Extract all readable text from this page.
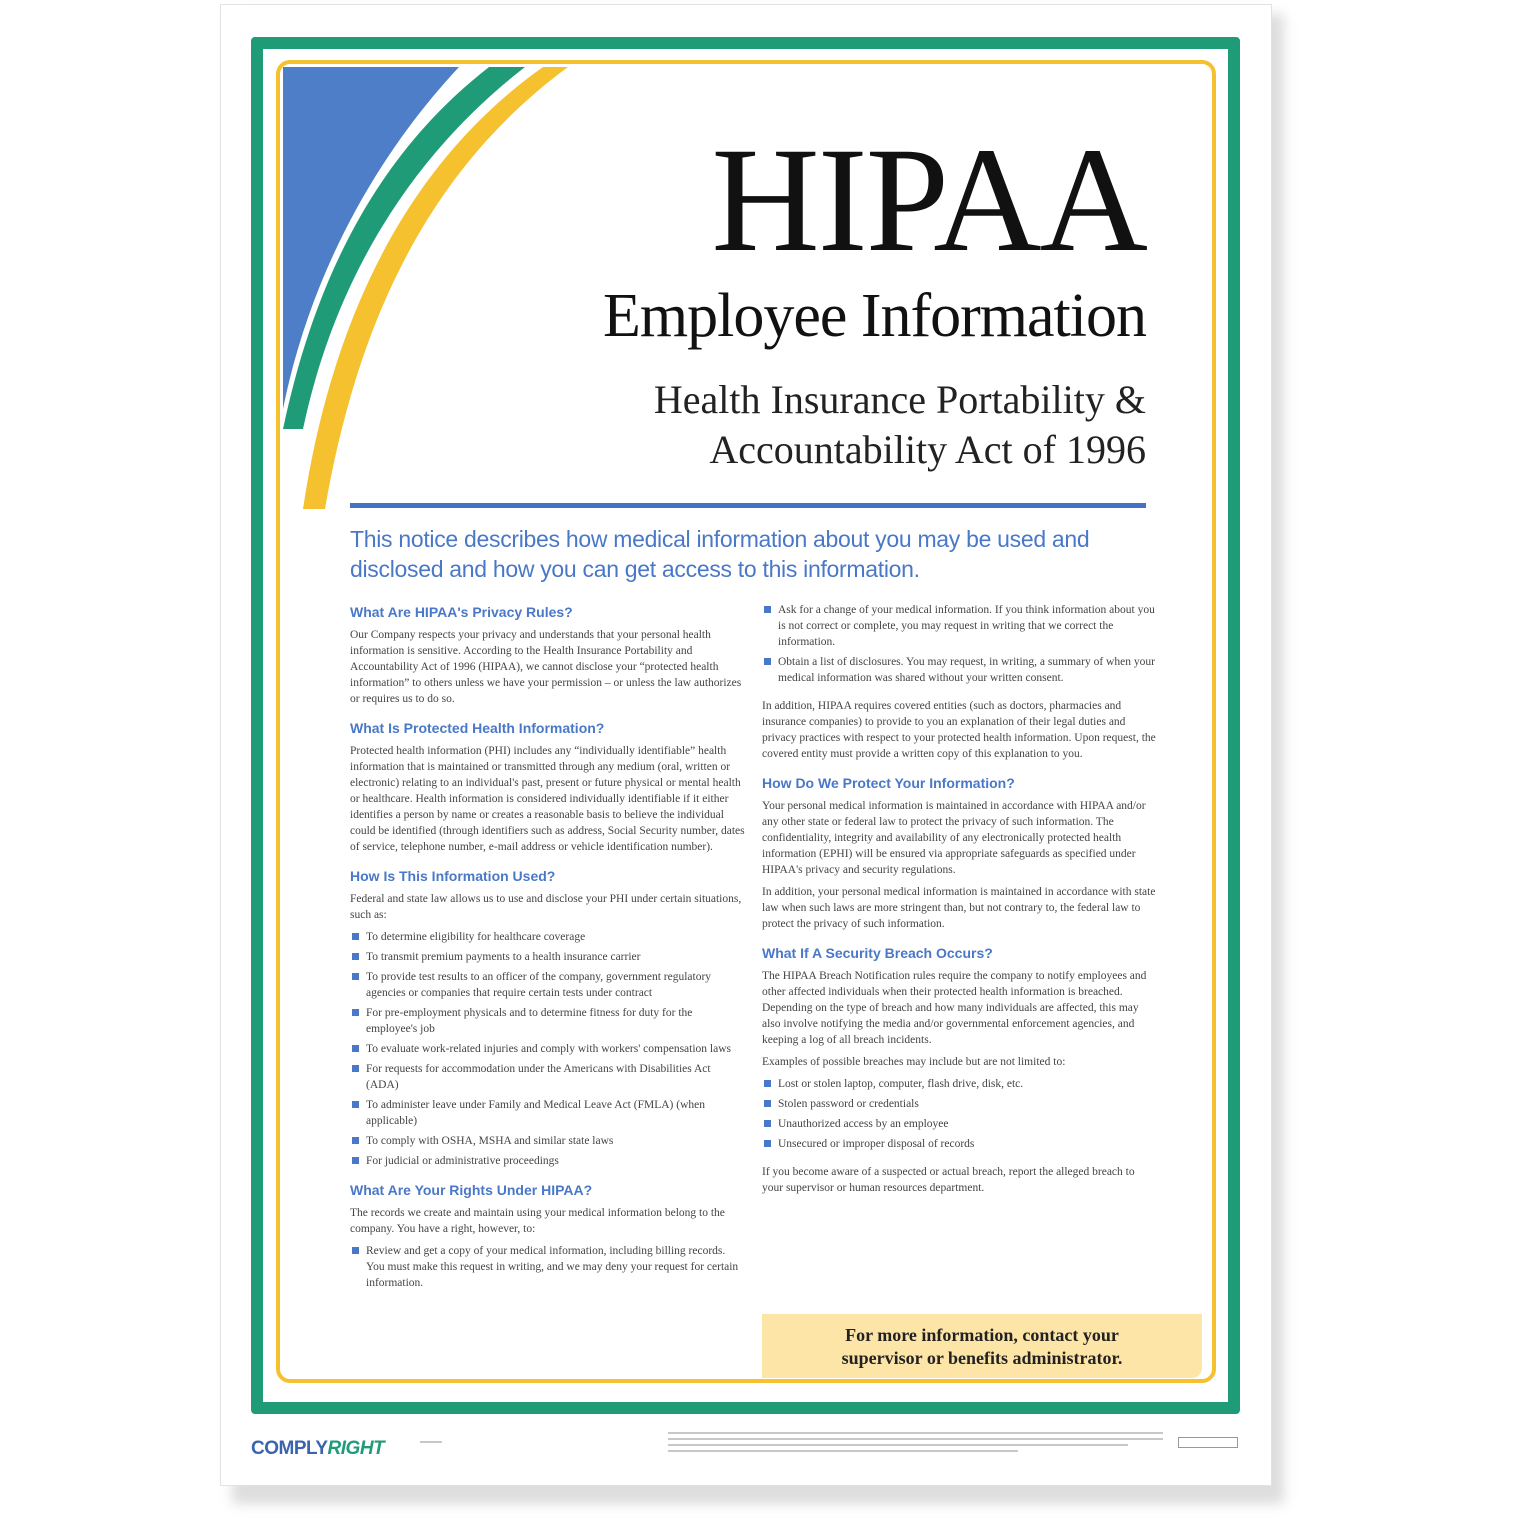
HIPAA
Employee Information
Health Insurance Portability &
Accountability Act of 1996

This notice describes how medical information about you may be used and disclosed and how you can get access to this information.

What Are HIPAA's Privacy Rules?

Our Company respects your privacy and understands that your personal health information is sensitive. According to the Health Insurance Portability and Accountability Act of 1996 (HIPAA), we cannot disclose your “protected health information” to others unless we have your permission – or unless the law authorizes or requires us to do so.

What Is Protected Health Information?

Protected health information (PHI) includes any “individually identifiable” health information that is maintained or transmitted through any medium (oral, written or electronic) relating to an individual's past, present or future physical or mental health or healthcare. Health information is considered individually identifiable if it either identifies a person by name or creates a reasonable basis to believe the individual could be identified (through identifiers such as address, Social Security number, dates of service, telephone number, e-mail address or vehicle identification number).

How Is This Information Used?

Federal and state law allows us to use and disclose your PHI under certain situations, such as:

To determine eligibility for healthcare coverage
To transmit premium payments to a health insurance carrier
To provide test results to an officer of the company, government regulatory agencies or companies that require certain tests under contract
For pre-employment physicals and to determine fitness for duty for the employee's job
To evaluate work-related injuries and comply with workers' compensation laws
For requests for accommodation under the Americans with Disabilities Act (ADA)
To administer leave under Family and Medical Leave Act (FMLA) (when applicable)
To comply with OSHA, MSHA and similar state laws
For judicial or administrative proceedings
What Are Your Rights Under HIPAA?

The records we create and maintain using your medical information belong to the company. You have a right, however, to:

Review and get a copy of your medical information, including billing records. You must make this request in writing, and we may deny your request for certain information.
Ask for a change of your medical information. If you think information about you is not correct or complete, you may request in writing that we correct the information.
Obtain a list of disclosures. You may request, in writing, a summary of when your medical information was shared without your written consent.

In addition, HIPAA requires covered entities (such as doctors, pharmacies and insurance companies) to provide to you an explanation of their legal duties and privacy practices with respect to your protected health information. Upon request, the covered entity must provide a written copy of this explanation to you.

How Do We Protect Your Information?

Your personal medical information is maintained in accordance with HIPAA and/or any other state or federal law to protect the privacy of such information. The confidentiality, integrity and availability of any electronically protected health information (EPHI) will be ensured via appropriate safeguards as specified under HIPAA's privacy and security regulations.

In addition, your personal medical information is maintained in accordance with state law when such laws are more stringent than, but not contrary to, the federal law to protect the privacy of such information.

What If A Security Breach Occurs?

The HIPAA Breach Notification rules require the company to notify employees and other affected individuals when their protected health information is breached. Depending on the type of breach and how many individuals are affected, this may also involve notifying the media and/or governmental enforcement agencies, and keeping a log of all breach incidents.

Examples of possible breaches may include but are not limited to:

Lost or stolen laptop, computer, flash drive, disk, etc.
Stolen password or credentials
Unauthorized access by an employee
Unsecured or improper disposal of records

If you become aware of a suspected or actual breach, report the alleged breach to your supervisor or human resources department.

For more information, contact your
supervisor or benefits administrator.
COMPLYRIGHT
